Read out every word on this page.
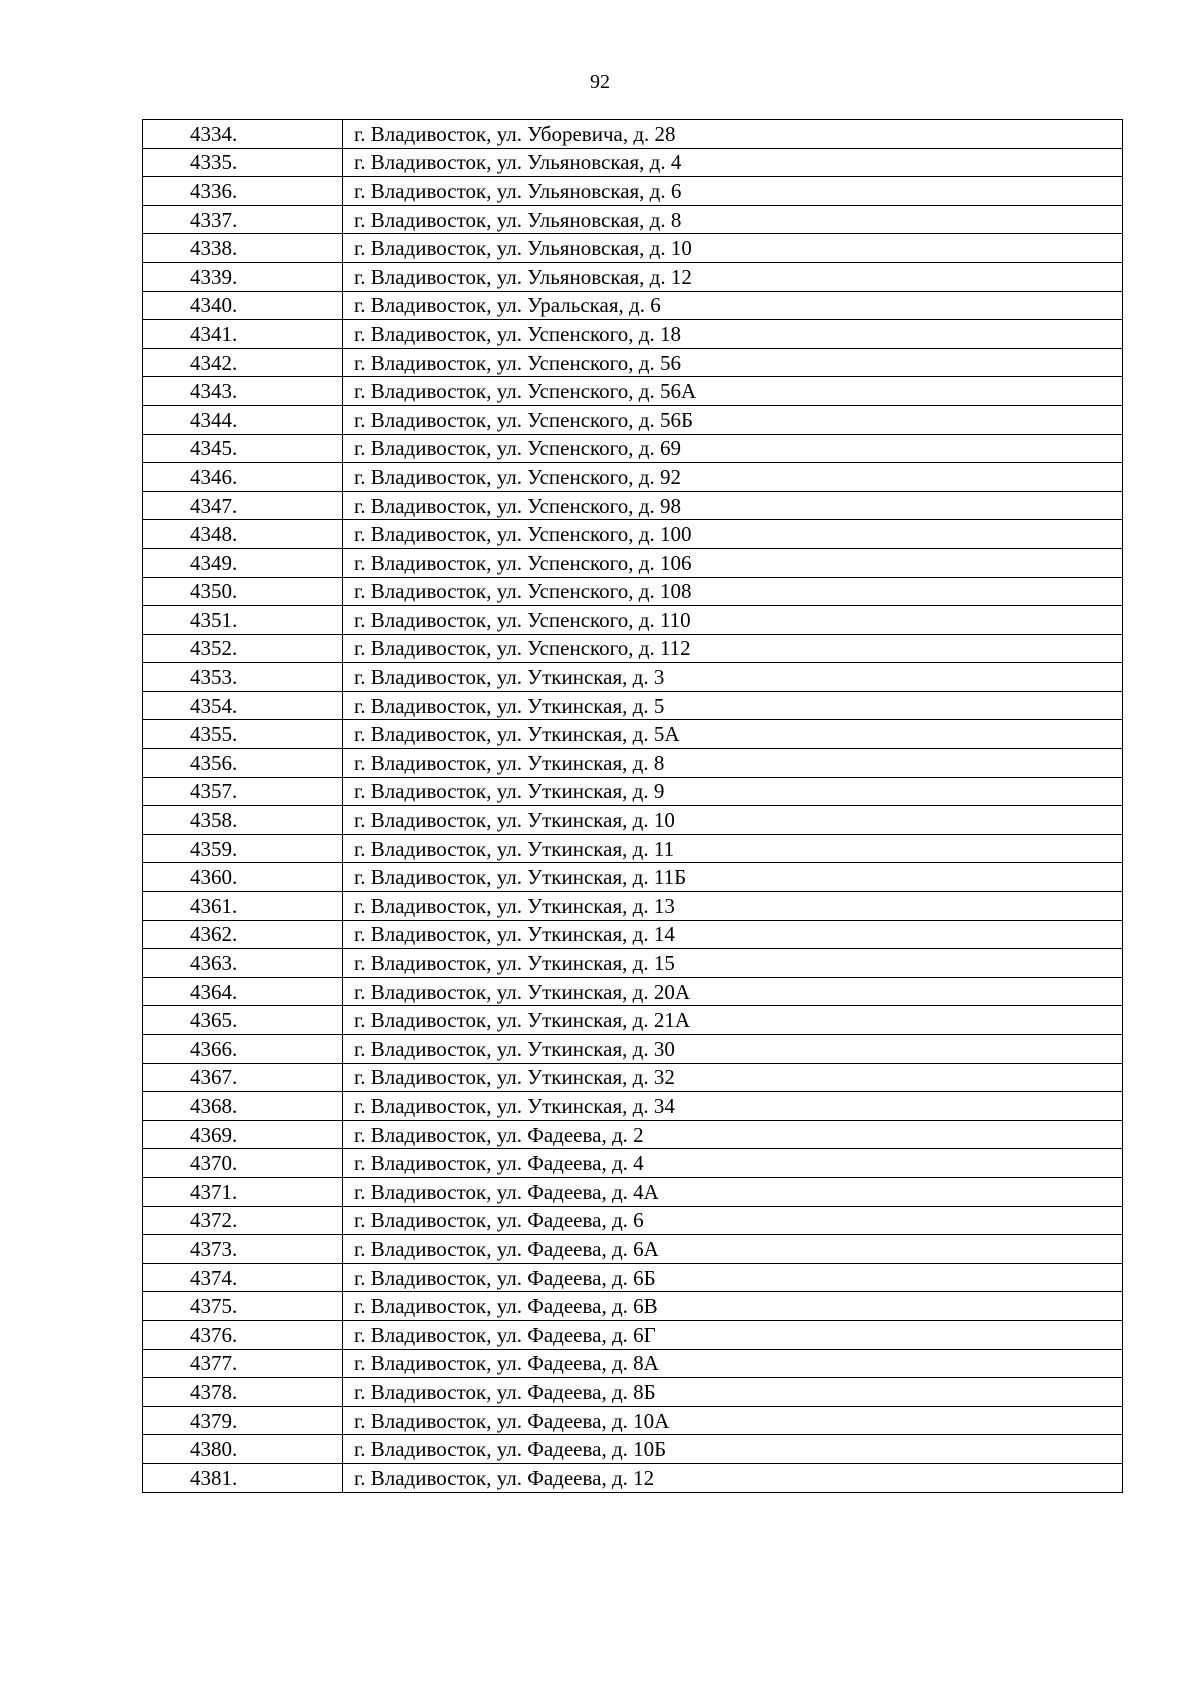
92
4334.	г. Владивосток, ул. Уборевича, д. 28
4335.	г. Владивосток, ул. Ульяновская, д. 4
4336.	г. Владивосток, ул. Ульяновская, д. 6
4337.	г. Владивосток, ул. Ульяновская, д. 8
4338.	г. Владивосток, ул. Ульяновская, д. 10
4339.	г. Владивосток, ул. Ульяновская, д. 12
4340.	г. Владивосток, ул. Уральская, д. 6
4341.	г. Владивосток, ул. Успенского, д. 18
4342.	г. Владивосток, ул. Успенского, д. 56
4343.	г. Владивосток, ул. Успенского, д. 56А
4344.	г. Владивосток, ул. Успенского, д. 56Б
4345.	г. Владивосток, ул. Успенского, д. 69
4346.	г. Владивосток, ул. Успенского, д. 92
4347.	г. Владивосток, ул. Успенского, д. 98
4348.	г. Владивосток, ул. Успенского, д. 100
4349.	г. Владивосток, ул. Успенского, д. 106
4350.	г. Владивосток, ул. Успенского, д. 108
4351.	г. Владивосток, ул. Успенского, д. 110
4352.	г. Владивосток, ул. Успенского, д. 112
4353.	г. Владивосток, ул. Уткинская, д. 3
4354.	г. Владивосток, ул. Уткинская, д. 5
4355.	г. Владивосток, ул. Уткинская, д. 5А
4356.	г. Владивосток, ул. Уткинская, д. 8
4357.	г. Владивосток, ул. Уткинская, д. 9
4358.	г. Владивосток, ул. Уткинская, д. 10
4359.	г. Владивосток, ул. Уткинская, д. 11
4360.	г. Владивосток, ул. Уткинская, д. 11Б
4361.	г. Владивосток, ул. Уткинская, д. 13
4362.	г. Владивосток, ул. Уткинская, д. 14
4363.	г. Владивосток, ул. Уткинская, д. 15
4364.	г. Владивосток, ул. Уткинская, д. 20А
4365.	г. Владивосток, ул. Уткинская, д. 21А
4366.	г. Владивосток, ул. Уткинская, д. 30
4367.	г. Владивосток, ул. Уткинская, д. 32
4368.	г. Владивосток, ул. Уткинская, д. 34
4369.	г. Владивосток, ул. Фадеева, д. 2
4370.	г. Владивосток, ул. Фадеева, д. 4
4371.	г. Владивосток, ул. Фадеева, д. 4А
4372.	г. Владивосток, ул. Фадеева, д. 6
4373.	г. Владивосток, ул. Фадеева, д. 6А
4374.	г. Владивосток, ул. Фадеева, д. 6Б
4375.	г. Владивосток, ул. Фадеева, д. 6В
4376.	г. Владивосток, ул. Фадеева, д. 6Г
4377.	г. Владивосток, ул. Фадеева, д. 8А
4378.	г. Владивосток, ул. Фадеева, д. 8Б
4379.	г. Владивосток, ул. Фадеева, д. 10А
4380.	г. Владивосток, ул. Фадеева, д. 10Б
4381.	г. Владивосток, ул. Фадеева, д. 12
